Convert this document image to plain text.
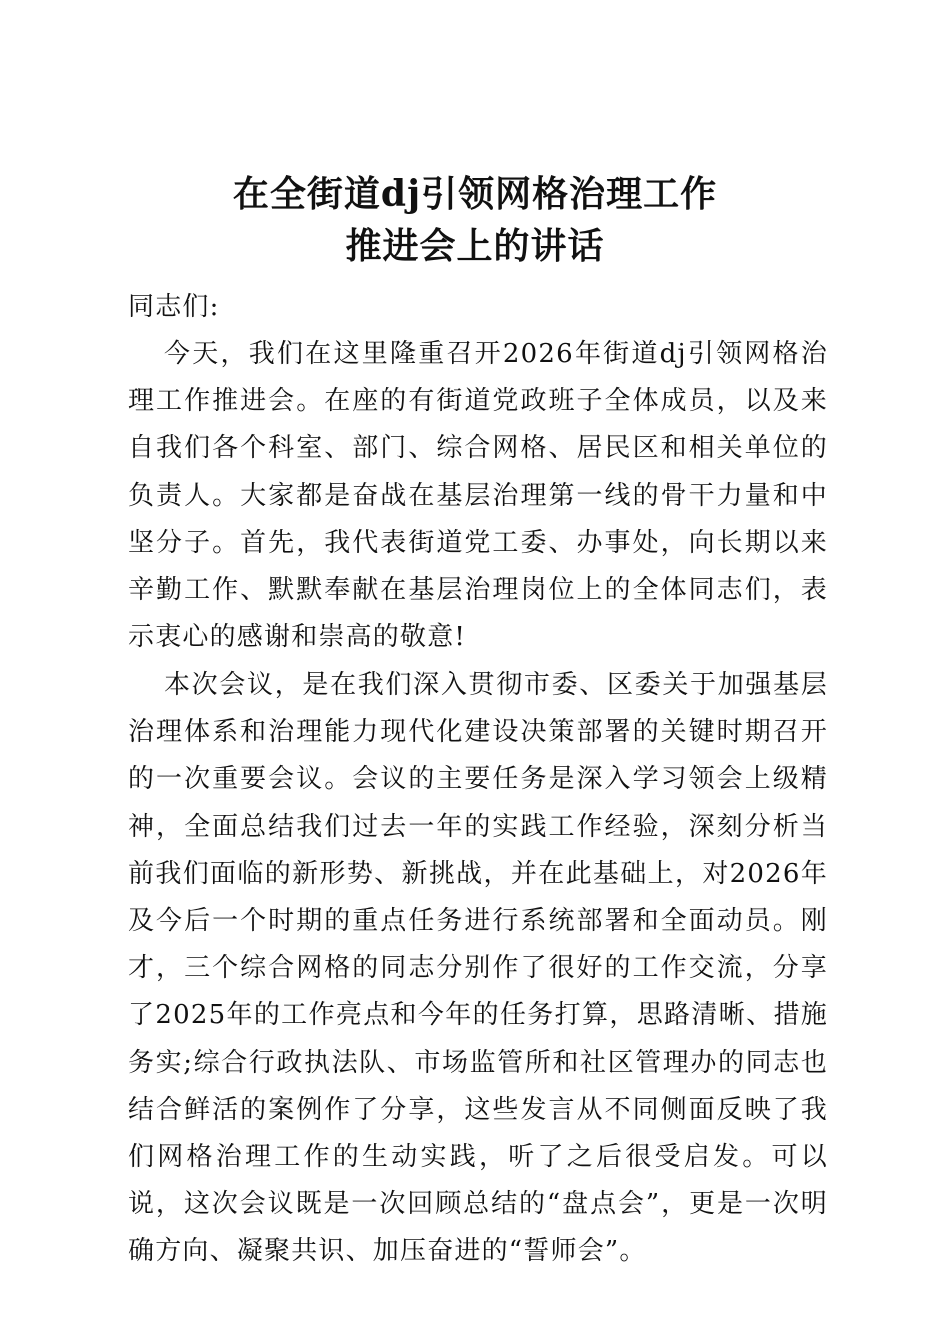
在全街道dj引领网格治理工作
推进会上的讲话
同志们:
今天，我们在这里隆重召开2026年街道dj引领网格治理工作推进会。在座的有街道党政班子全体成员，以及来自我们各个科室、部门、综合网格、居民区和相关单位的负责人。大家都是奋战在基层治理第一线的骨干力量和中坚分子。首先，我代表街道党工委、办事处，向长期以来辛勤工作、默默奉献在基层治理岗位上的全体同志们，表示衷心的感谢和崇高的敬意!
本次会议，是在我们深入贯彻市委、区委关于加强基层治理体系和治理能力现代化建设决策部署的关键时期召开的一次重要会议。会议的主要任务是深入学习领会上级精神，全面总结我们过去一年的实践工作经验，深刻分析当前我们面临的新形势、新挑战，并在此基础上，对2026年及今后一个时期的重点任务进行系统部署和全面动员。刚才，三个综合网格的同志分别作了很好的工作交流，分享了2025年的工作亮点和今年的任务打算，思路清晰、措施务实;综合行政执法队、市场监管所和社区管理办的同志也结合鲜活的案例作了分享，这些发言从不同侧面反映了我们网格治理工作的生动实践，听了之后很受启发。可以说，这次会议既是一次回顾总结的“盘点会”，更是一次明确方向、凝聚共识、加压奋进的“誓师会”。
